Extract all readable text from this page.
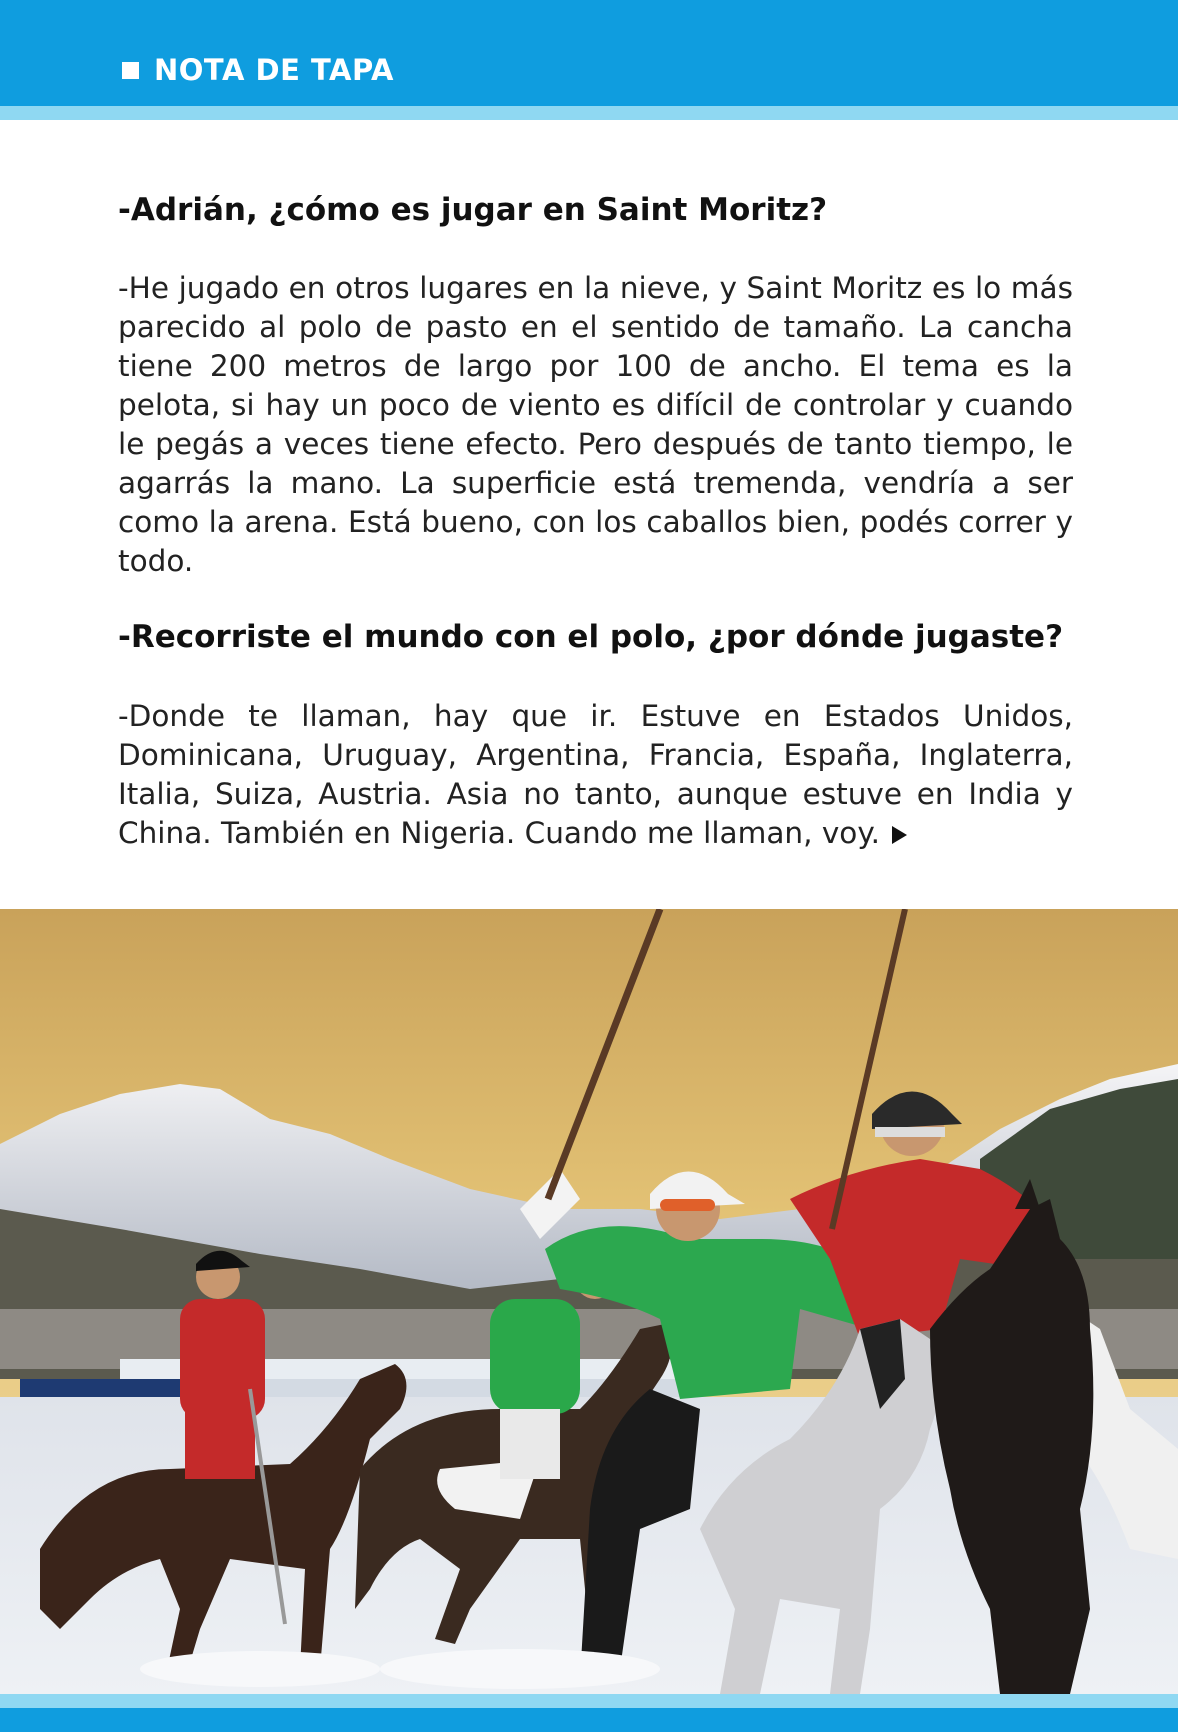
NOTA DE TAPA
-Adrián, ¿cómo es jugar en Saint Moritz?

-He jugado en otros lugares en la nieve, y Saint Moritz es lo más parecido al polo de pasto en el sentido de tamaño. La cancha tiene 200 metros de largo por 100 de ancho. El tema es la pelota, si hay un poco de viento es difícil de controlar y cuando le pegás a veces tiene efecto. Pero después de tanto tiempo, le agarrás la mano. La superficie está tremenda, vendría a ser como la arena. Está bueno, con los caballos bien, podés correr y todo.

-Recorriste el mundo con el polo, ¿por dónde jugaste?

-Donde te llaman, hay que ir. Estuve en Estados Unidos, Dominicana, Uruguay, Argentina, Francia, España, Inglaterra, Italia, Suiza, Austria. Asia no tanto, aunque estuve en India y China. También en Nigeria. Cuando me llaman, voy.
